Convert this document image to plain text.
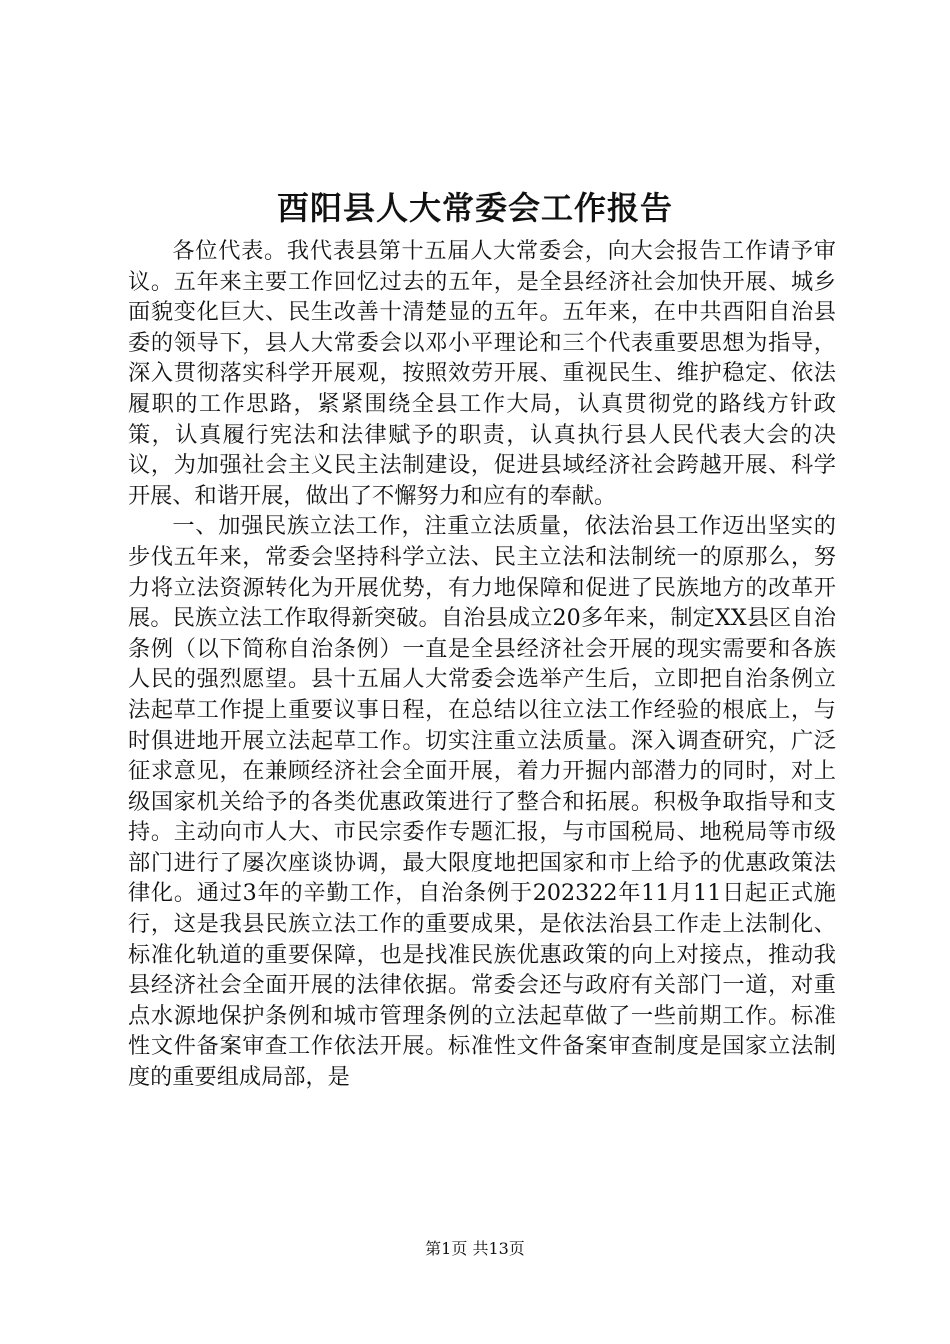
酉阳县人大常委会工作报告

各位代表。我代表县第十五届人大常委会，向大会报告工作请予审议。五年来主要工作回忆过去的五年，是全县经济社会加快开展、城乡面貌变化巨大、民生改善十清楚显的五年。五年来，在中共酉阳自治县委的领导下，县人大常委会以邓小平理论和三个代表重要思想为指导，深入贯彻落实科学开展观，按照效劳开展、重视民生、维护稳定、依法履职的工作思路，紧紧围绕全县工作大局，认真贯彻党的路线方针政策，认真履行宪法和法律赋予的职责，认真执行县人民代表大会的决议，为加强社会主义民主法制建设，促进县域经济社会跨越开展、科学开展、和谐开展，做出了不懈努力和应有的奉献。

一、加强民族立法工作，注重立法质量，依法治县工作迈出坚实的步伐五年来，常委会坚持科学立法、民主立法和法制统一的原那么，努力将立法资源转化为开展优势，有力地保障和促进了民族地方的改革开展。民族立法工作取得新突破。自治县成立20多年来，制定XX县区自治条例（以下简称自治条例）一直是全县经济社会开展的现实需要和各族人民的强烈愿望。县十五届人大常委会选举产生后，立即把自治条例立法起草工作提上重要议事日程，在总结以往立法工作经验的根底上，与时俱进地开展立法起草工作。切实注重立法质量。深入调查研究，广泛征求意见，在兼顾经济社会全面开展，着力开掘内部潜力的同时，对上级国家机关给予的各类优惠政策进行了整合和拓展。积极争取指导和支持。主动向市人大、市民宗委作专题汇报，与市国税局、地税局等市级部门进行了屡次座谈协调，最大限度地把国家和市上给予的优惠政策法律化。通过3年的辛勤工作，自治条例于202322年11月11日起正式施行，这是我县民族立法工作的重要成果，是依法治县工作走上法制化、标准化轨道的重要保障，也是找准民族优惠政策的向上对接点，推动我县经济社会全面开展的法律依据。常委会还与政府有关部门一道，对重点水源地保护条例和城市管理条例的立法起草做了一些前期工作。标准性文件备案审查工作依法开展。标准性文件备案审查制度是国家立法制度的重要组成局部，是

第1页 共13页
